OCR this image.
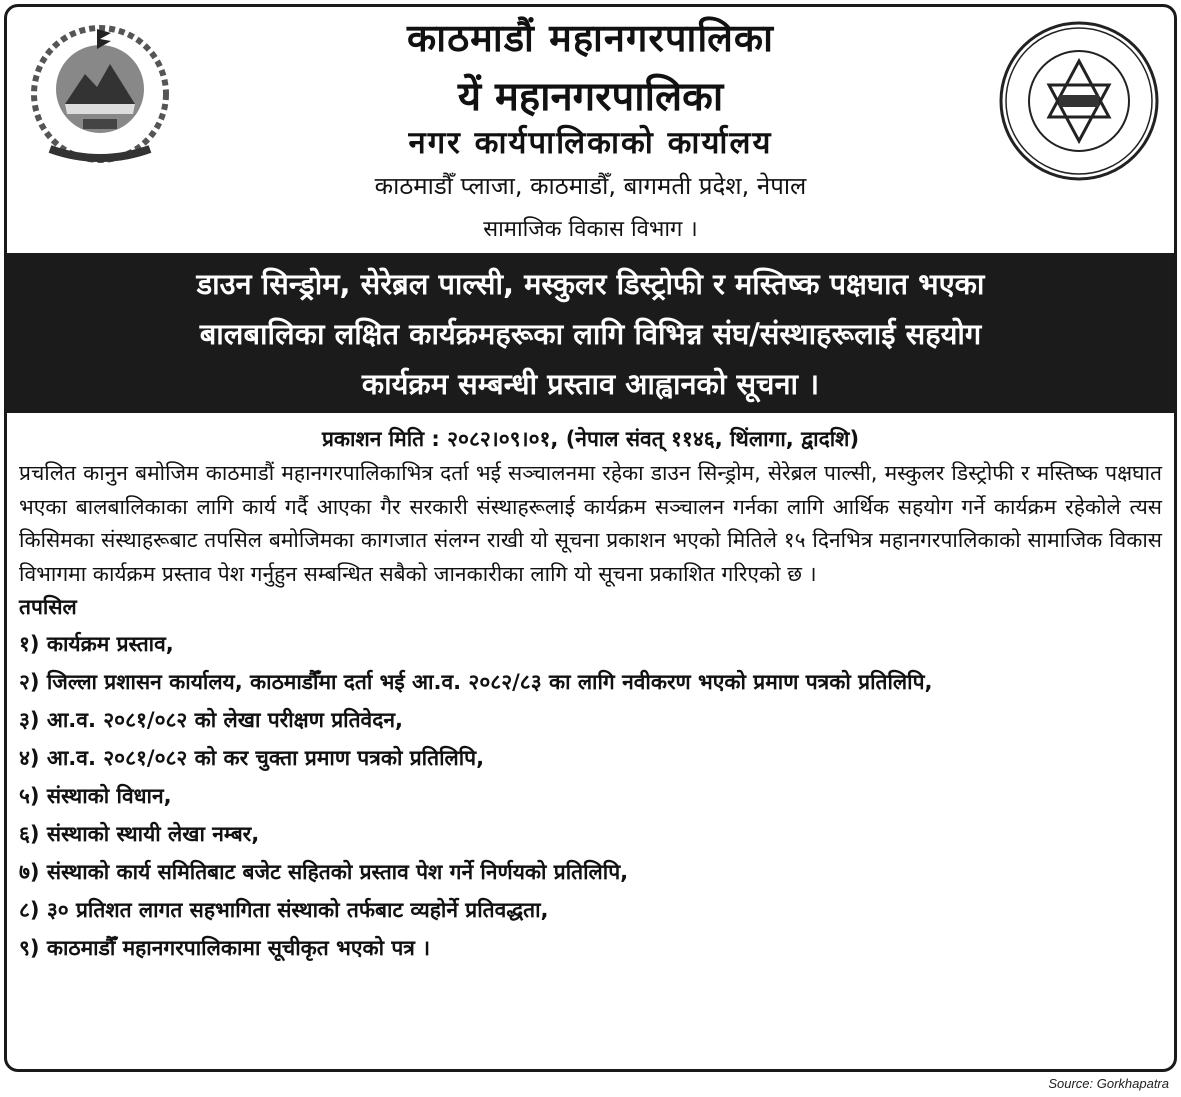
काठमाडौं महानगरपालिका
यें महानगरपालिका
नगर कार्यपालिकाको कार्यालय
काठमाडौँ प्लाजा, काठमाडौँ, बागमती प्रदेश, नेपाल
सामाजिक विकास विभाग ।
डाउन सिन्ड्रोम, सेरेब्रल पाल्सी, मस्कुलर डिस्ट्रोफी र मस्तिष्क पक्षघात भएका
बालबालिका लक्षित कार्यक्रमहरूका लागि विभिन्न संघ/संस्थाहरूलाई सहयोग
कार्यक्रम सम्बन्धी प्रस्ताव आह्वानको सूचना ।
प्रकाशन मिति : २०८२।०९।०१, (नेपाल संवत् ११४६, थिंलागा, द्वादशि)
प्रचलित कानुन बमोजिम काठमाडौं महानगरपालिकाभित्र दर्ता भई सञ्चालनमा रहेका डाउन सिन्ड्रोम, सेरेब्रल पाल्सी, मस्कुलर डिस्ट्रोफी र मस्तिष्क पक्षघात भएका बालबालिकाका लागि कार्य गर्दै आएका गैर सरकारी संस्थाहरूलाई कार्यक्रम सञ्चालन गर्नका लागि आर्थिक सहयोग गर्ने कार्यक्रम रहेकोले त्यस किसिमका संस्थाहरूबाट तपसिल बमोजिमका कागजात संलग्न राखी यो सूचना प्रकाशन भएको मितिले १५ दिनभित्र महानगरपालिकाको सामाजिक विकास विभागमा कार्यक्रम प्रस्ताव पेश गर्नुहुन सम्बन्धित सबैको जानकारीका लागि यो सूचना प्रकाशित गरिएको छ ।
तपसिल
१) कार्यक्रम प्रस्ताव,
२) जिल्ला प्रशासन कार्यालय, काठमाडौँमा दर्ता भई आ.व. २०८२/८३ का लागि नवीकरण भएको प्रमाण पत्रको प्रतिलिपि,
३) आ.व. २०८१/०८२ को लेखा परीक्षण प्रतिवेदन,
४) आ.व. २०८१/०८२ को कर चुक्ता प्रमाण पत्रको प्रतिलिपि,
५) संस्थाको विधान,
६) संस्थाको स्थायी लेखा नम्बर,
७) संस्थाको कार्य समितिबाट बजेट सहितको प्रस्ताव पेश गर्ने निर्णयको प्रतिलिपि,
८) ३० प्रतिशत लागत सहभागिता संस्थाको तर्फबाट व्यहोर्ने प्रतिवद्धता,
९) काठमाडौँ महानगरपालिकामा सूचीकृत भएको पत्र ।
Source: Gorkhapatra
